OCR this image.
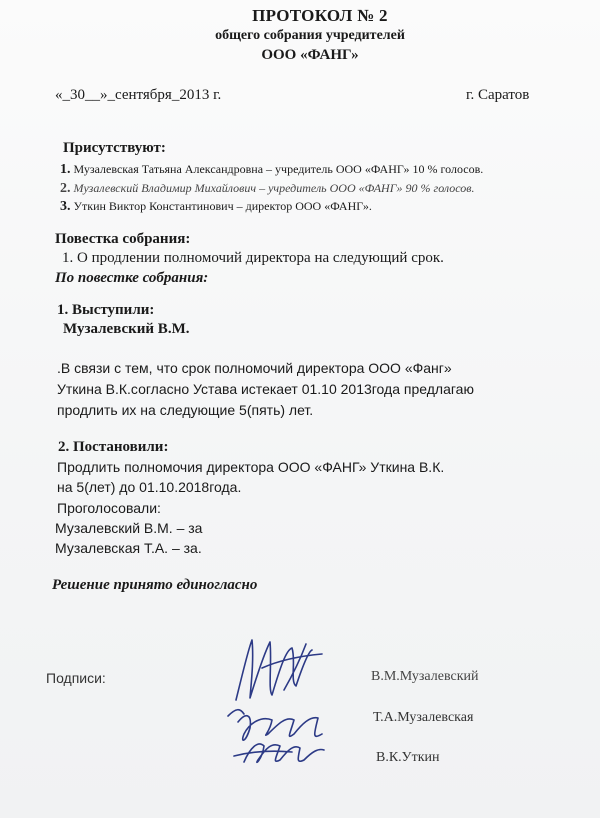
ПРОТОКОЛ № 2
общего собрания учредителей
ООО «ФАНГ»
«_30__»_сентября_2013 г.	г. Саратов
Присутствуют:
1. Музалевская Татьяна Александровна – учредитель ООО «ФАНГ» 10 % голосов.
2. Музалевский Владимир Михайлович – учредитель ООО «ФАНГ» 90 % голосов.
3. Уткин Виктор Константинович – директор ООО «ФАНГ».
Повестка собрания:
1. О продлении полномочий директора на следующий срок.
По повестке собрания:
1. Выступили:
Музалевский В.М.
.В связи с тем, что срок полномочий директора ООО «Фанг»
Уткина В.К.согласно Устава истекает 01.10 2013года предлагаю
продлить их на следующие 5(пять) лет.
2. Постановили:
Продлить полномочия директора ООО «ФАНГ» Уткина В.К.
на 5(лет) до 01.10.2018года.
Проголосовали:
Музалевский В.М. – за
Музалевская Т.А. – за.
Решение принято единогласно
Подписи:	В.М.Музалевский
Т.А.Музалевская
В.К.Уткин
